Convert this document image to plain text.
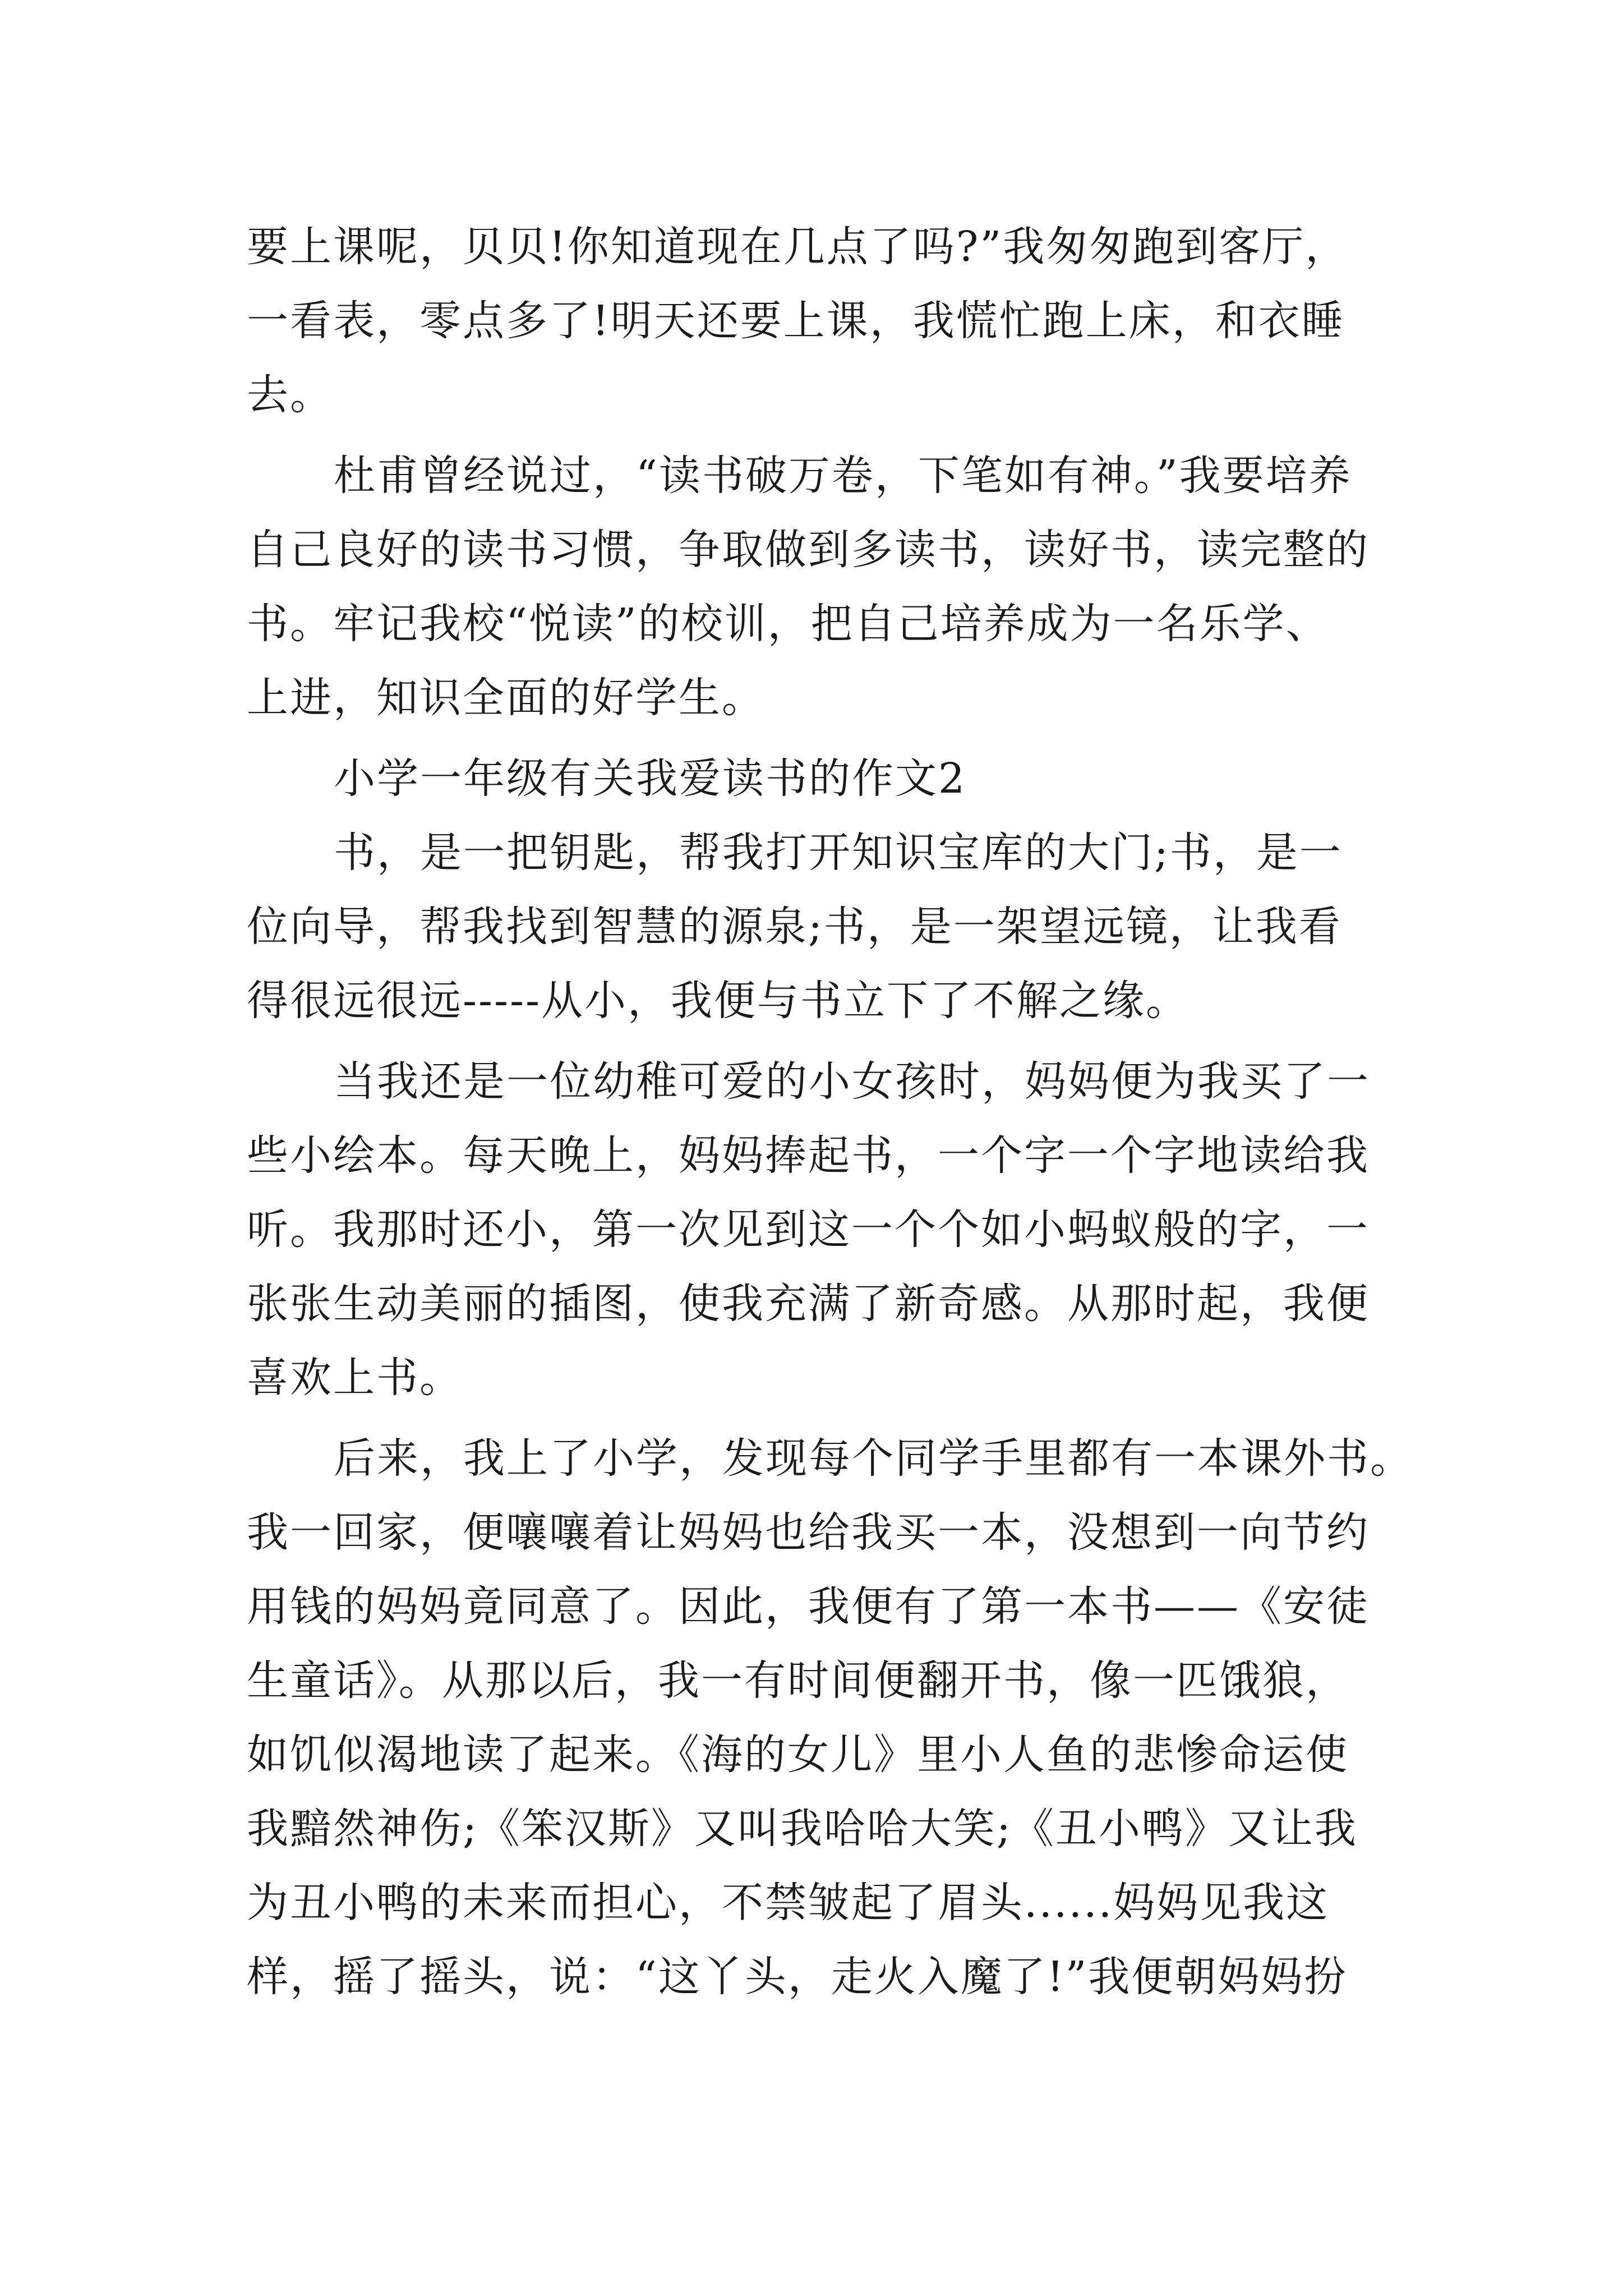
要上课呢，贝贝!你知道现在几点了吗?”我匆匆跑到客厅，

一看表，零点多了!明天还要上课，我慌忙跑上床，和衣睡

去。

杜甫曾经说过，“读书破万卷，下笔如有神。”我要培养

自己良好的读书习惯，争取做到多读书，读好书，读完整的

书。牢记我校“悦读”的校训，把自己培养成为一名乐学、

上进，知识全面的好学生。

小学一年级有关我爱读书的作文2

书，是一把钥匙，帮我打开知识宝库的大门;书，是一

位向导，帮我找到智慧的源泉;书，是一架望远镜，让我看

得很远很远-----从小，我便与书立下了不解之缘。

当我还是一位幼稚可爱的小女孩时，妈妈便为我买了一

些小绘本。每天晚上，妈妈捧起书，一个字一个字地读给我

听。我那时还小，第一次见到这一个个如小蚂蚁般的字，一

张张生动美丽的插图，使我充满了新奇感。从那时起，我便

喜欢上书。

后来，我上了小学，发现每个同学手里都有一本课外书。

我一回家，便嚷嚷着让妈妈也给我买一本，没想到一向节约

用钱的妈妈竟同意了。因此，我便有了第一本书——《安徒

生童话》。从那以后，我一有时间便翻开书，像一匹饿狼，

如饥似渴地读了起来。《海的女儿》里小人鱼的悲惨命运使

我黯然神伤;《笨汉斯》又叫我哈哈大笑;《丑小鸭》又让我

为丑小鸭的未来而担心，不禁皱起了眉头......妈妈见我这

样，摇了摇头，说：“这丫头，走火入魔了!”我便朝妈妈扮
